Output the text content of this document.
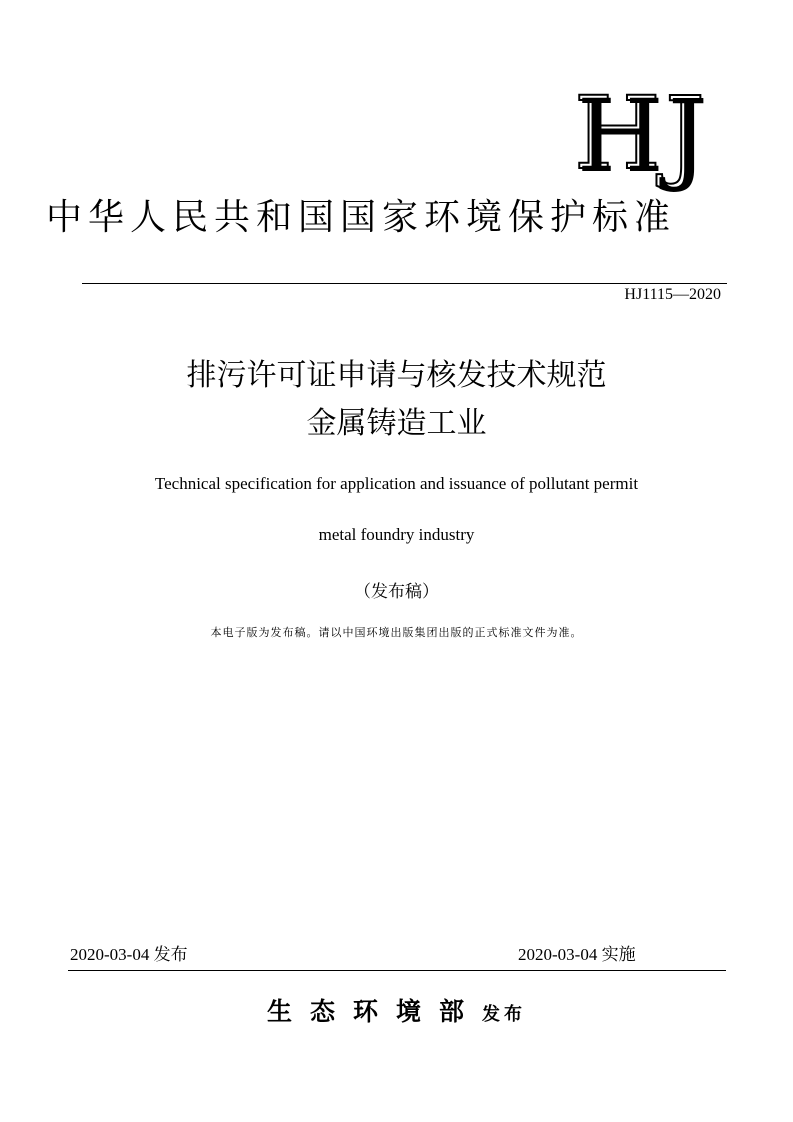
HJ
中华人民共和国国家环境保护标准
HJ1115—2020
排污许可证申请与核发技术规范
金属铸造工业
Technical specification for application and issuance of pollutant permit
metal foundry industry
（发布稿）
本电子版为发布稿。请以中国环境出版集团出版的正式标准文件为准。
2020-03-04 发布	2020-03-04 实施
生态环境部发布
